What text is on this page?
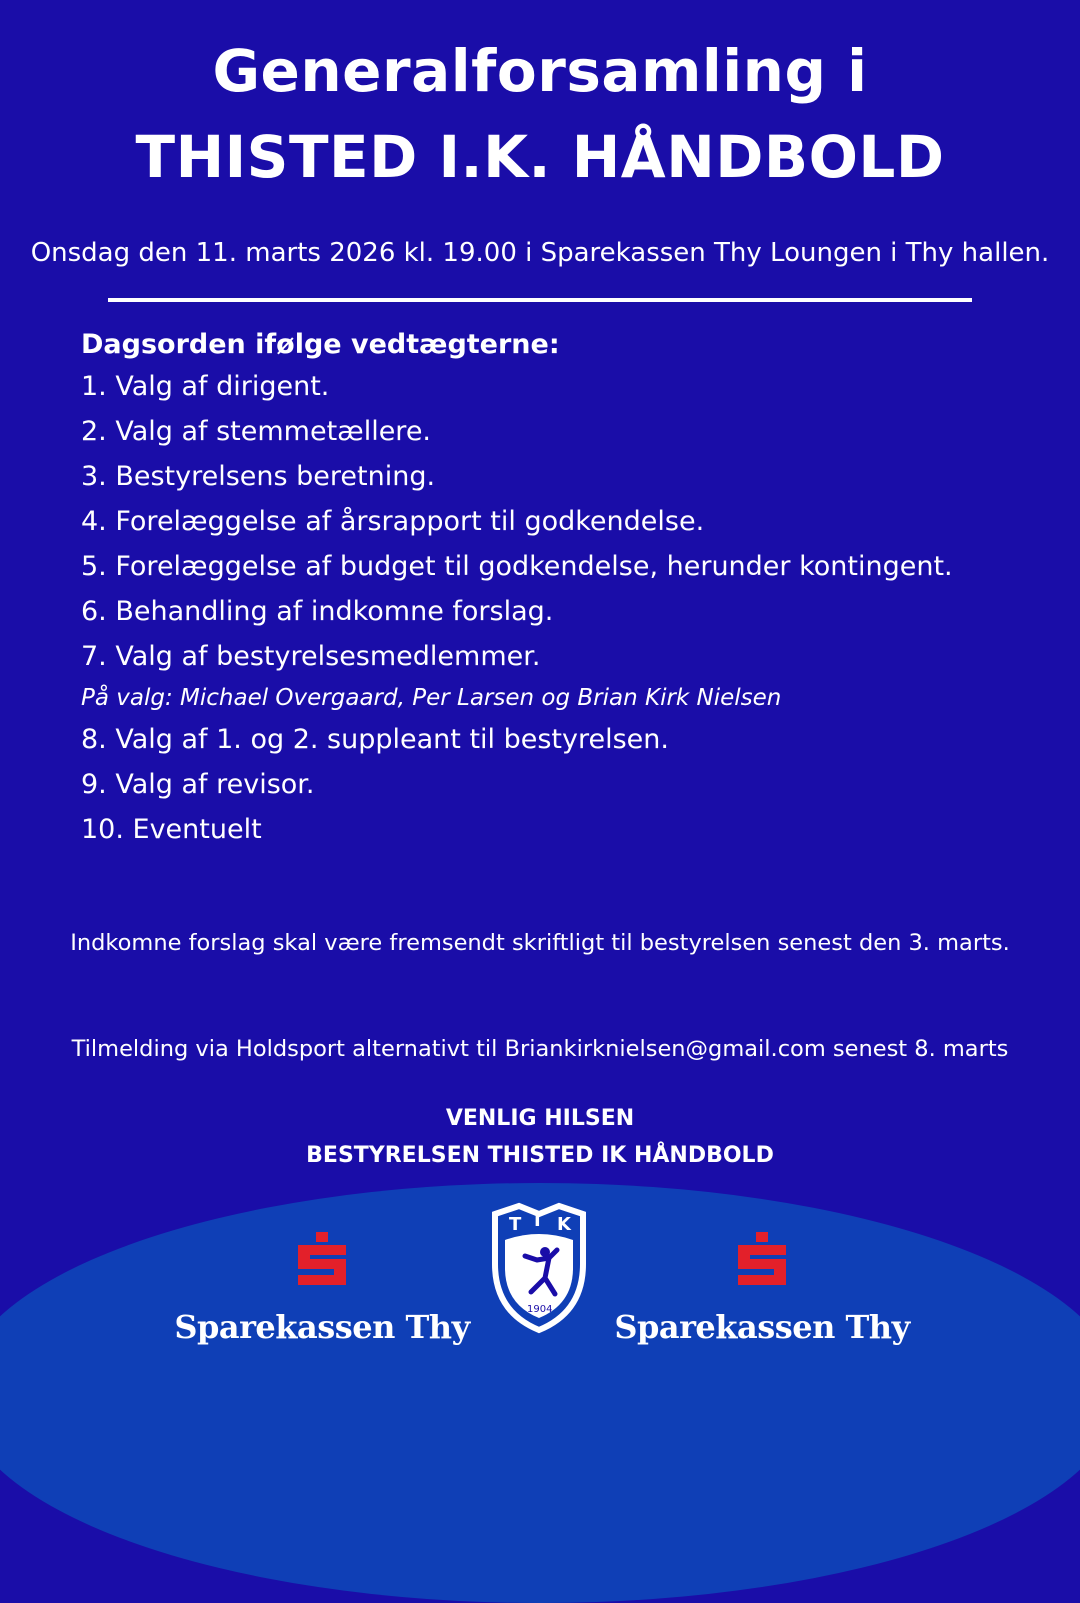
Generalforsamling i
THISTED I.K. HÅNDBOLD
Onsdag den 11. marts 2026 kl. 19.00 i Sparekassen Thy Loungen i Thy hallen.
Dagsorden ifølge vedtægterne:
1. Valg af dirigent.
2. Valg af stemmetællere.
3. Bestyrelsens beretning.
4. Forelæggelse af årsrapport til godkendelse.
5. Forelæggelse af budget til godkendelse, herunder kontingent.
6. Behandling af indkomne forslag.
7. Valg af bestyrelsesmedlemmer.
På valg: Michael Overgaard, Per Larsen og Brian Kirk Nielsen
8. Valg af 1. og 2. suppleant til bestyrelsen.
9. Valg af revisor.
10. Eventuelt
Indkomne forslag skal være fremsendt skriftligt til bestyrelsen senest den 3. marts.
Tilmelding via Holdsport alternativt til Briankirknielsen@gmail.com senest 8. marts
VENLIG HILSEN
BESTYRELSEN THISTED IK HÅNDBOLD
Sparekassen Thy
T I K
1904 Sparekassen Thy
